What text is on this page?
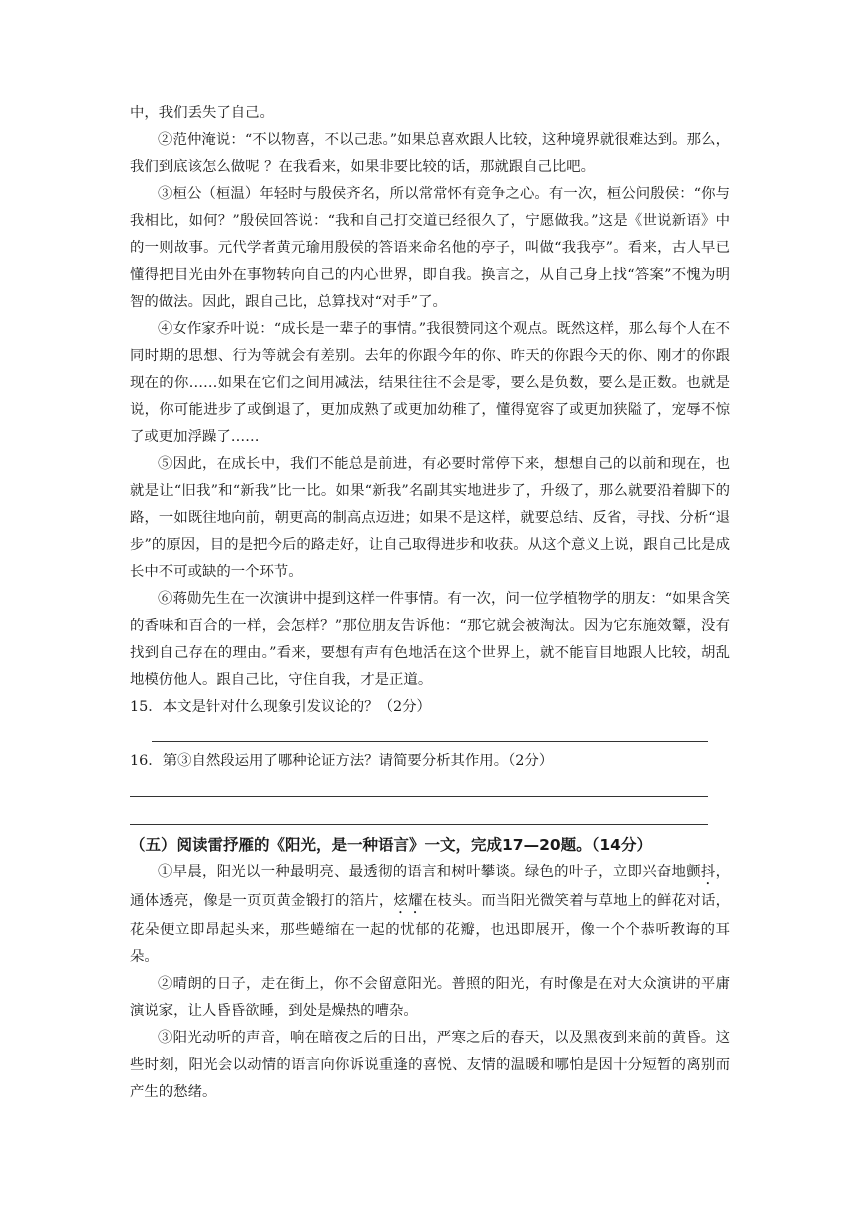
中，我们丢失了自己。

②范仲淹说：“不以物喜，不以己悲。”如果总喜欢跟人比较，这种境界就很难达到。那么，我们到底该怎么做呢 ？在我看来，如果非要比较的话，那就跟自己比吧。

③桓公（桓温）年轻时与殷侯齐名，所以常常怀有竞争之心。有一次，桓公问殷侯：“你与我相比，如何？”殷侯回答说：“我和自己打交道已经很久了，宁愿做我。”这是《世说新语》中的一则故事。元代学者黄元瑜用殷侯的答语来命名他的亭子，叫做“我我亭”。看来，古人早已懂得把目光由外在事物转向自己的内心世界，即自我。换言之，从自己身上找“答案”不愧为明智的做法。因此，跟自己比，总算找对“对手”了。

④女作家乔叶说：“成长是一辈子的事情。”我很赞同这个观点。既然这样，那么每个人在不同时期的思想、行为等就会有差别。去年的你跟今年的你、昨天的你跟今天的你、刚才的你跟现在的你……如果在它们之间用减法，结果往往不会是零，要么是负数，要么是正数。也就是说，你可能进步了或倒退了，更加成熟了或更加幼稚了，懂得宽容了或更加狭隘了，宠辱不惊了或更加浮躁了……

⑤因此，在成长中，我们不能总是前进，有必要时常停下来，想想自己的以前和现在，也就是让“旧我”和“新我”比一比。如果“新我”名副其实地进步了，升级了，那么就要沿着脚下的路，一如既往地向前，朝更高的制高点迈进；如果不是这样，就要总结、反省，寻找、分析“退步”的原因，目的是把今后的路走好，让自己取得进步和收获。从这个意义上说，跟自己比是成长中不可或缺的一个环节。

⑥蒋勋先生在一次演讲中提到这样一件事情。有一次，问一位学植物学的朋友：“如果含笑的香味和百合的一样，会怎样？”那位朋友告诉他：“那它就会被淘汰。因为它东施效颦，没有找到自己存在的理由。”看来，要想有声有色地活在这个世界上，就不能盲目地跟人比较，胡乱地模仿他人。跟自己比，守住自我，才是正道。

15．本文是针对什么现象引发议论的？（2分）

16．第③自然段运用了哪种论证方法？请简要分析其作用。（2分）

（五）阅读雷抒雁的《阳光，是一种语言》一文，完成17—20题。（14分）

①早晨，阳光以一种最明亮、最透彻的语言和树叶攀谈。绿色的叶子，立即兴奋地颤抖，通体透亮，像是一页页黄金锻打的箔片，炫耀在枝头。而当阳光微笑着与草地上的鲜花对话，花朵便立即昂起头来，那些蜷缩在一起的忧郁的花瓣，也迅即展开，像一个个恭听教诲的耳朵。

②晴朗的日子，走在街上，你不会留意阳光。普照的阳光，有时像是在对大众演讲的平庸演说家，让人昏昏欲睡，到处是燥热的嘈杂。

③阳光动听的声音，响在暗夜之后的日出，严寒之后的春天，以及黑夜到来前的黄昏。这些时刻，阳光会以动情的语言向你诉说重逢的喜悦、友情的温暖和哪怕是因十分短暂的离别而产生的愁绪。
